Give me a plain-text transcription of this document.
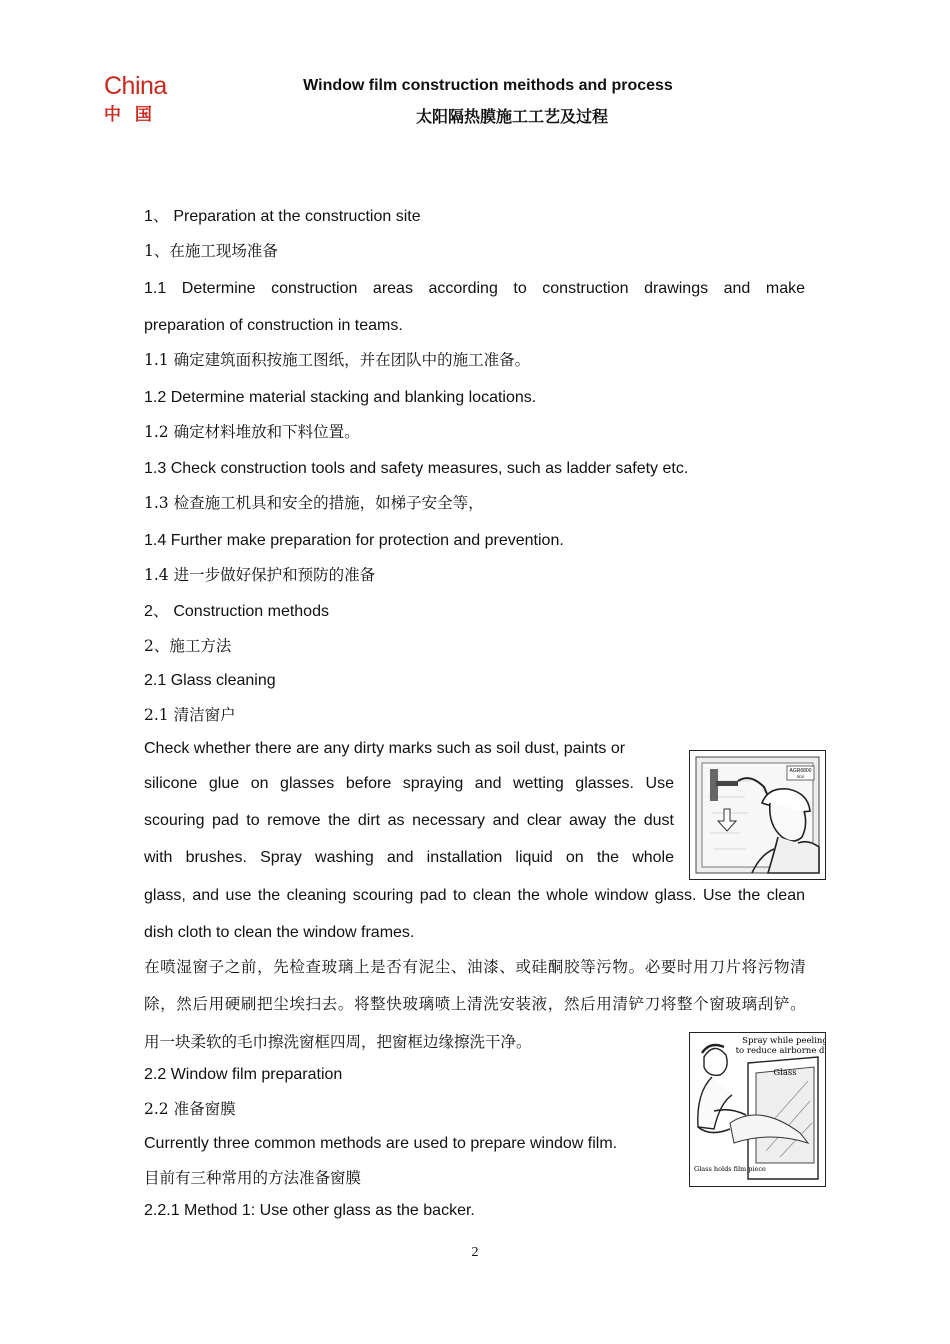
China
中 国
Window film construction meithods and process
太阳隔热膜施工工艺及过程
1、 Preparation at the construction site
1、在施工现场准备
1.1 Determine construction areas according to construction drawings and make
preparation of construction in teams.
1.1 确定建筑面积按施工图纸，并在团队中的施工准备。
1.2 Determine material stacking and blanking locations.
1.2 确定材料堆放和下料位置。
1.3 Check construction tools and safety measures, such as ladder safety etc.
1.3 检查施工机具和安全的措施，如梯子安全等，
1.4 Further make preparation for protection and prevention.
1.4 进一步做好保护和预防的准备
2、 Construction methods
2、施工方法
2.1 Glass cleaning
2.1 清洁窗户
Check whether there are any dirty marks such as soil dust, paints or
silicone glue on glasses before spraying and wetting glasses. Use
scouring pad to remove the dirt as necessary and clear away the dust
with brushes. Spray washing and installation liquid on the whole
glass, and use the cleaning scouring pad to clean the whole window glass. Use the clean
dish cloth to clean the window frames.
在喷湿窗子之前，先检查玻璃上是否有泥尘、油漆、或硅酮胶等污物。必要时用刀片将污物清
除，然后用硬刷把尘埃扫去。将整快玻璃喷上清洗安装液，然后用清铲刀将整个窗玻璃刮铲。
用一块柔软的毛巾擦洗窗框四周，把窗框边缘擦洗干净。
2.2 Window film preparation
2.2 准备窗膜
Currently three common methods are used to prepare window film.
目前有三种常用的方法准备窗膜
2.2.1 Method 1: Use other glass as the backer.
AGR6800
SD0
Spray while peeling
to reduce airborne dus
Glass
Glass holds film piece
2
